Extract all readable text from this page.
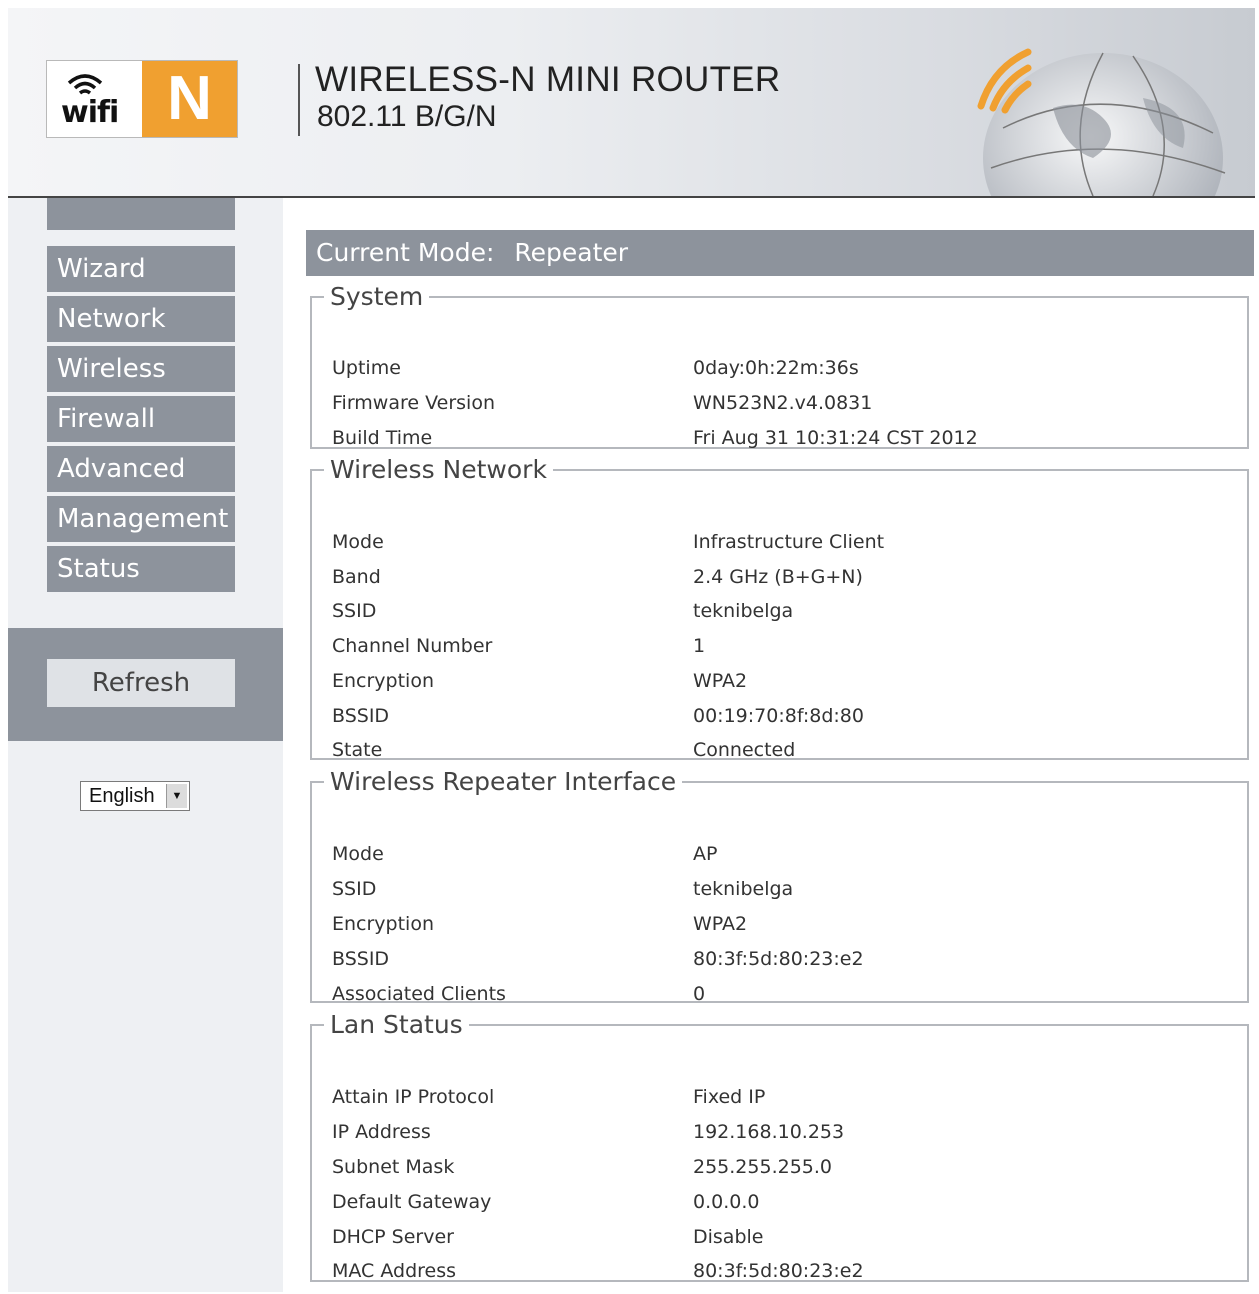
wifi N	WIRELESS-N MINI ROUTER
802.11 B/G/N
Wizard
Network
Wireless
Firewall
Advanced
Management
Status
Refresh
English	▼
Current Mode: Repeater
System
Uptime	0day:0h:22m:36s
Firmware Version	WN523N2.v4.0831
Build Time	Fri Aug 31 10:31:24 CST 2012
Wireless Network
Mode	Infrastructure Client
Band	2.4 GHz (B+G+N)
SSID	teknibelga
Channel Number	1
Encryption	WPA2
BSSID	00:19:70:8f:8d:80
State	Connected
Wireless Repeater Interface
Mode	AP
SSID	teknibelga
Encryption	WPA2
BSSID	80:3f:5d:80:23:e2
Associated Clients	0
Lan Status
Attain IP Protocol	Fixed IP
IP Address	192.168.10.253
Subnet Mask	255.255.255.0
Default Gateway	0.0.0.0
DHCP Server	Disable
MAC Address	80:3f:5d:80:23:e2
